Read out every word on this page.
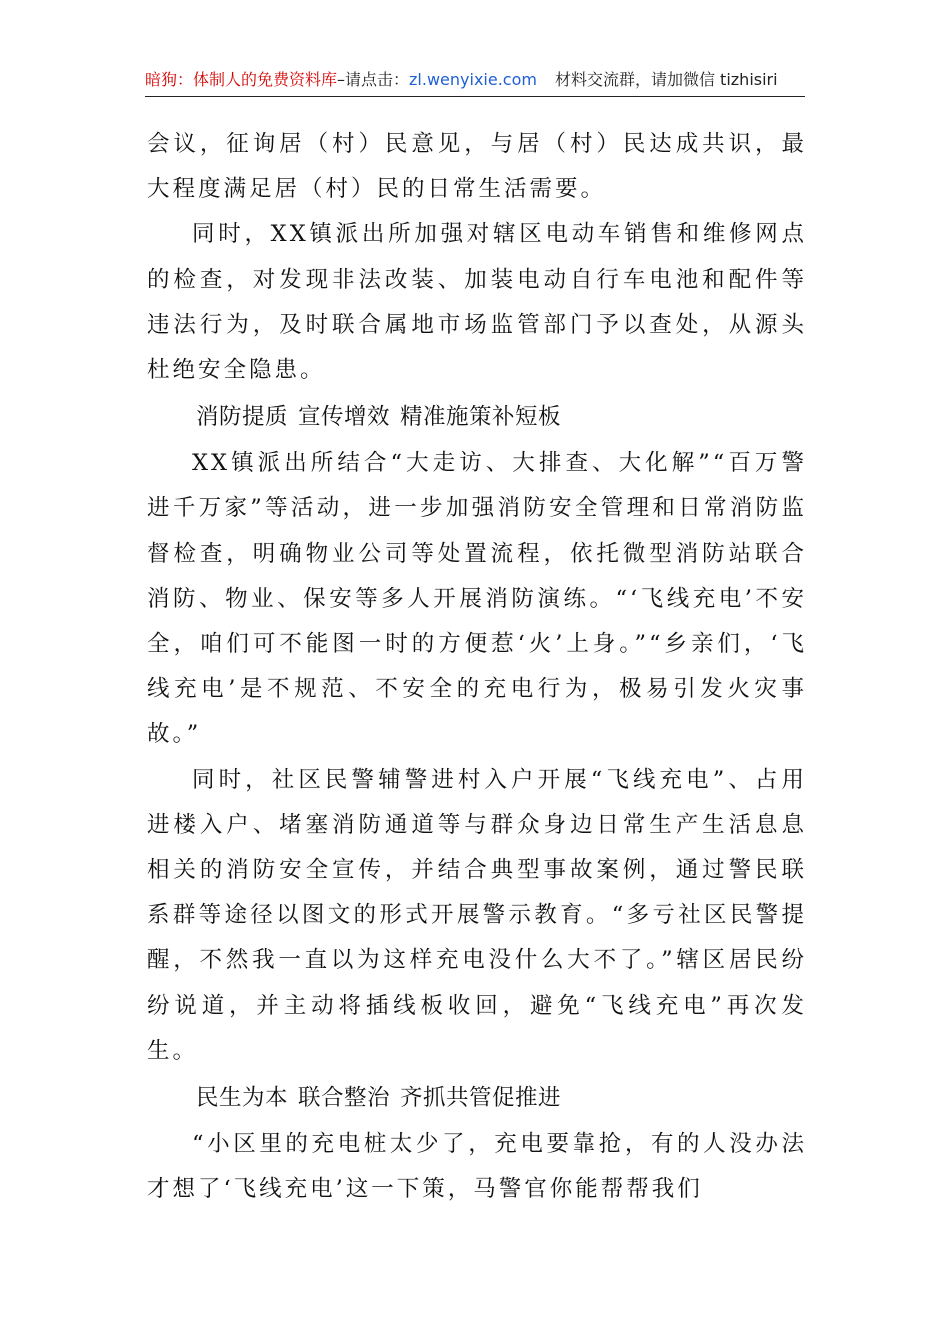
暗狗：体制人的免费资料库–请点击：zl.wenyixie.com 材料交流群，请加微信 tizhisiri

会议，征询居（村）民意见，与居（村）民达成共识，最大程度满足居（村）民的日常生活需要。

同时，XX镇派出所加强对辖区电动车销售和维修网点的检查，对发现非法改装、加装电动自行车电池和配件等违法行为，及时联合属地市场监管部门予以查处，从源头杜绝安全隐患。

消防提质 宣传增效 精准施策补短板

XX镇派出所结合“大走访、大排查、大化解”“百万警进千万家”等活动，进一步加强消防安全管理和日常消防监督检查，明确物业公司等处置流程，依托微型消防站联合消防、物业、保安等多人开展消防演练。“‘飞线充电’不安全，咱们可不能图一时的方便惹‘火’上身。”“乡亲们，‘飞线充电’是不规范、不安全的充电行为，极易引发火灾事故。”

同时，社区民警辅警进村入户开展“飞线充电”、占用进楼入户、堵塞消防通道等与群众身边日常生产生活息息相关的消防安全宣传，并结合典型事故案例，通过警民联系群等途径以图文的形式开展警示教育。“多亏社区民警提醒，不然我一直以为这样充电没什么大不了。”辖区居民纷纷说道，并主动将插线板收回，避免“飞线充电”再次发生。

民生为本 联合整治 齐抓共管促推进

“小区里的充电桩太少了，充电要靠抢，有的人没办法才想了‘飞线充电’这一下策，马警官你能帮帮我们
